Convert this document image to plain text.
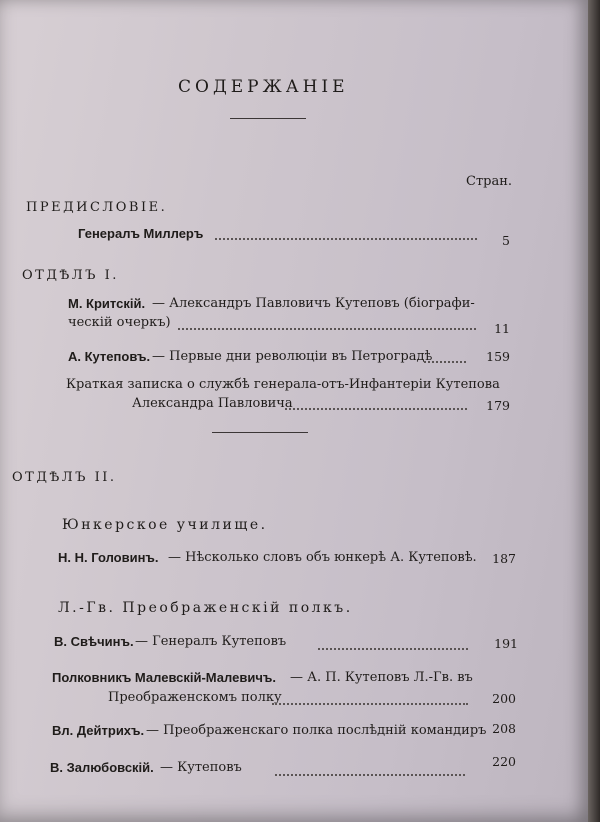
СОДЕРЖАНІЕ
Стран.
ПРЕДИСЛОВІЕ.
Генералъ Миллеръ	5
ОТДѢЛЪ I.
М. Критскій. — Александръ Павловичъ Кутеповъ (біографи-
ческій очеркъ)	11
А. Кутеповъ. — Первые дни революціи въ Петроградѣ	159
Краткая записка о службѣ генерала-отъ-Инфантеріи Кутепова
Александра Павловича	179
ОТДѢЛЪ II.
Юнкерское училище.
Н. Н. Головинъ. — Нѣсколько словъ объ юнкерѣ А. Кутеповѣ.	187
Л.-Гв. Преображенскій полкъ.
В. Свѣчинъ. — Генералъ Кутеповъ	191
Полковникъ Малевскій-Малевичъ. — А. П. Кутеповъ Л.-Гв. въ
Преображенскомъ полку	200
Вл. Дейтрихъ. — Преображенскаго полка послѣдній командиръ 208
В. Залюбовскій. — Кутеповъ	220
